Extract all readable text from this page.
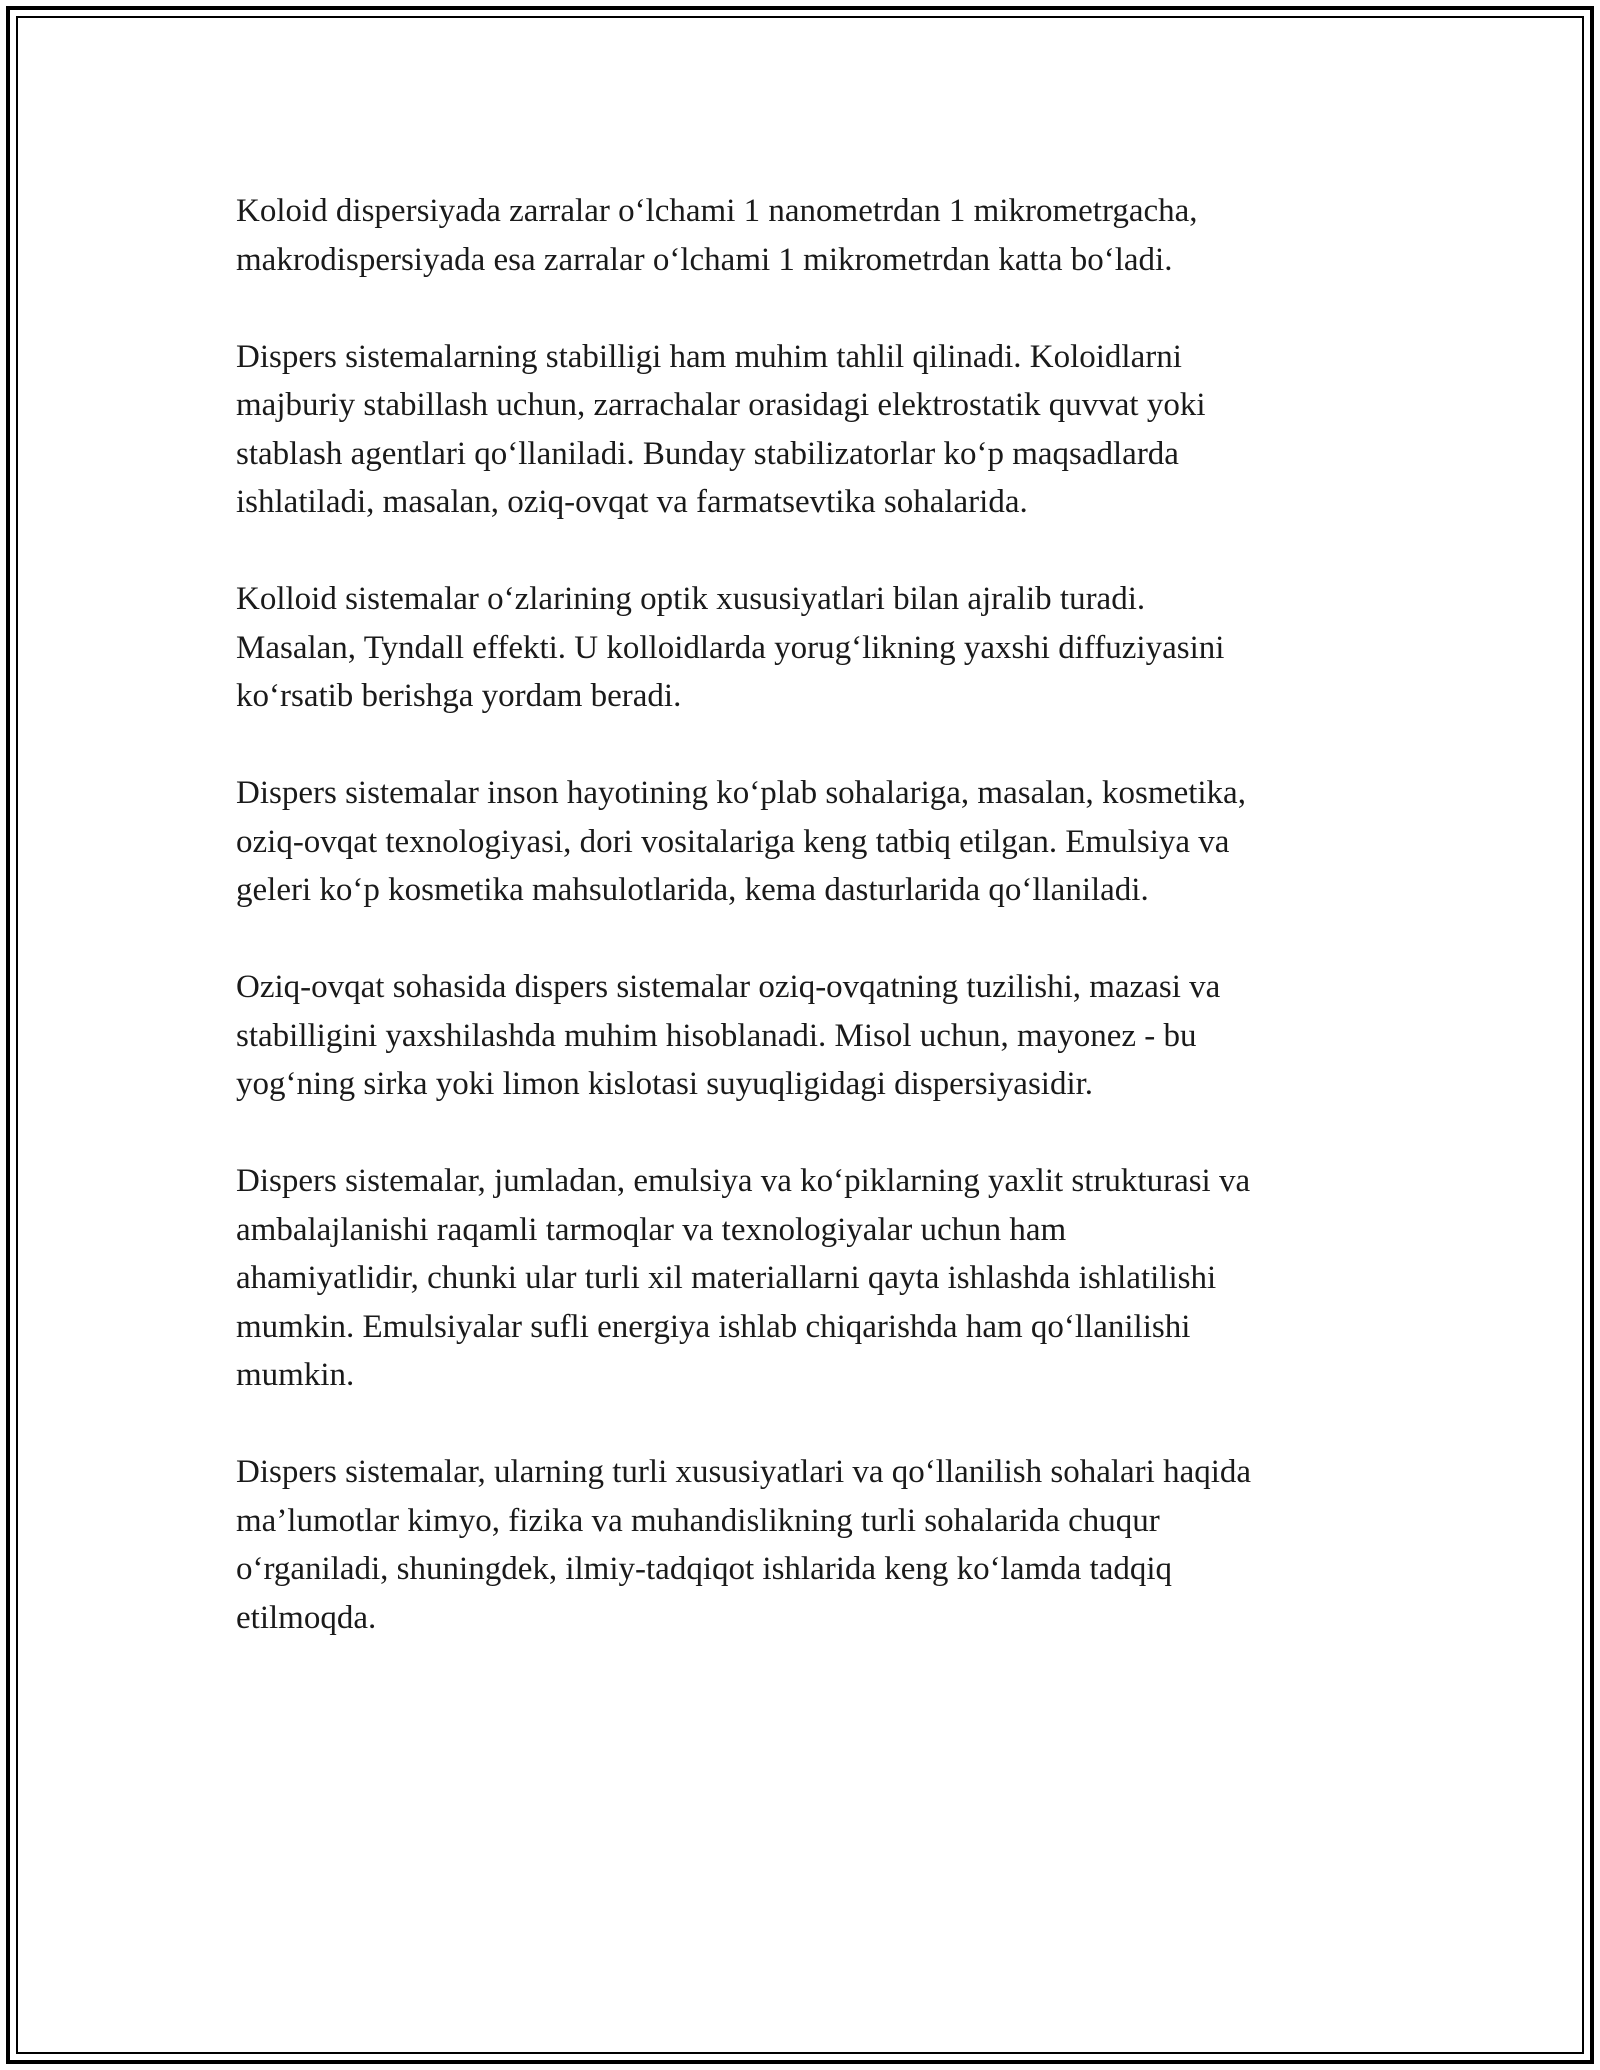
Koloid dispersiyada zarralar o‘lchami 1 nanometrdan 1 mikrometrgacha,
makrodispersiyada esa zarralar o‘lchami 1 mikrometrdan katta bo‘ladi.

Dispers sistemalarning stabilligi ham muhim tahlil qilinadi. Koloidlarni
majburiy stabillash uchun, zarrachalar orasidagi elektrostatik quvvat yoki
stablash agentlari qo‘llaniladi. Bunday stabilizatorlar ko‘p maqsadlarda
ishlatiladi, masalan, oziq-ovqat va farmatsevtika sohalarida.

Kolloid sistemalar o‘zlarining optik xususiyatlari bilan ajralib turadi.
Masalan, Tyndall effekti. U kolloidlarda yorug‘likning yaxshi diffuziyasini
ko‘rsatib berishga yordam beradi.

Dispers sistemalar inson hayotining ko‘plab sohalariga, masalan, kosmetika,
oziq-ovqat texnologiyasi, dori vositalariga keng tatbiq etilgan. Emulsiya va
geleri ko‘p kosmetika mahsulotlarida, kema dasturlarida qo‘llaniladi.

Oziq-ovqat sohasida dispers sistemalar oziq-ovqatning tuzilishi, mazasi va
stabilligini yaxshilashda muhim hisoblanadi. Misol uchun, mayonez - bu
yog‘ning sirka yoki limon kislotasi suyuqligidagi dispersiyasidir.

Dispers sistemalar, jumladan, emulsiya va ko‘piklarning yaxlit strukturasi va
ambalajlanishi raqamli tarmoqlar va texnologiyalar uchun ham
ahamiyatlidir, chunki ular turli xil materiallarni qayta ishlashda ishlatilishi
mumkin. Emulsiyalar sufli energiya ishlab chiqarishda ham qo‘llanilishi
mumkin.

Dispers sistemalar, ularning turli xususiyatlari va qo‘llanilish sohalari haqida
ma’lumotlar kimyo, fizika va muhandislikning turli sohalarida chuqur
o‘rganiladi, shuningdek, ilmiy-tadqiqot ishlarida keng ko‘lamda tadqiq
etilmoqda.
